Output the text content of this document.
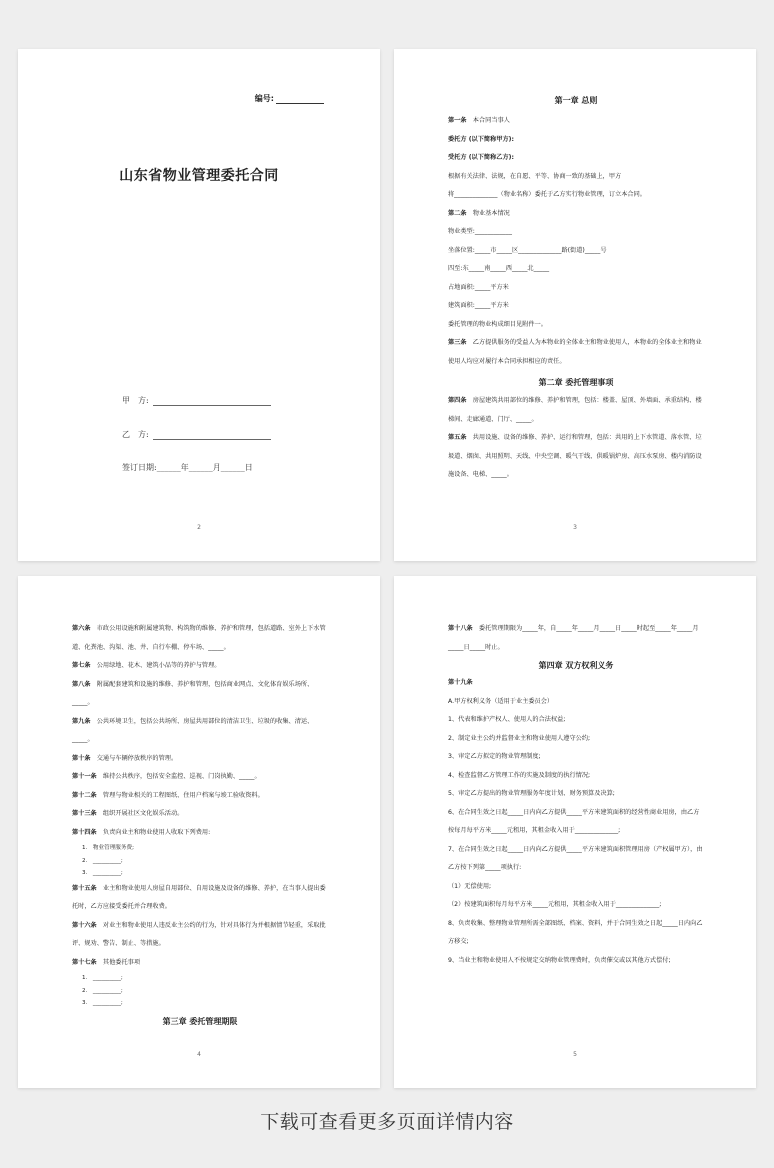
编号:
山东省物业管理委托合同
甲　方:
乙　方:
签订日期:______年______月______日
2
第一章 总则
第一条　本合同当事人
委托方 (以下简称甲方):
受托方 (以下简称乙方):
根据有关法律、法规，在自愿、平等、协商一致的基础上，甲方
将______________（物业名称）委托于乙方实行物业管理，订立本合同。
第二条　物业基本情况
物业类型:____________
坐落位置:_____市_____区______________路(街道)_____号
四至:东_____南_____西_____北_____
占地面积:_____平方米
建筑面积:_____平方米
委托管理的物业构成细目见附件一。
第三条　乙方提供服务的受益人为本物业的全体业主和物业使用人，本物业的全体业主和物业使用人均应对履行本合同承担相应的责任。
第二章 委托管理事项
第四条　房屋建筑共用部位的维修、养护和管理，包括：楼盖、屋顶、外墙面、承重结构、楼梯间、走廊通道、门厅、_____。
第五条　共用设施、设备的维修、养护、运行和管理，包括：共用的上下水管道、落水管、垃圾道、烟囱、共用照明、天线、中央空调、暖气干线、供暖锅炉房、高压水泵房、楼内消防设施设备、电梯、_____。
3
第六条　市政公用设施和附属建筑物、构筑物的维修、养护和管理，包括道路、室外上下水管道、化粪池、沟渠、池、井、自行车棚、停车场、_____。
第七条　公用绿地、花木、建筑小品等的养护与管理。
第八条　附属配套建筑和设施的维修、养护和管理，包括商业网点、文化体育娱乐场所、_____。
第九条　公共环境卫生，包括公共场所、房屋共用部位的清洁卫生、垃圾的收集、清运、_____。
第十条　交通与车辆停放秩序的管理。
第十一条　维持公共秩序，包括安全监控、巡视、门岗执勤、_____。
第十二条　管理与物业相关的工程图纸、住用户档案与竣工验收资料。
第十三条　组织开展社区文化娱乐活动。
第十四条　负责向业主和物业使用人收取下列费用:
1.　物业管理服务费;
2.　__________;
3.　__________;
第十五条　业主和物业使用人房屋自用部位、自用设施及设备的维修、养护，在当事人提出委托时，乙方应接受委托并合理收费。
第十六条　对业主和物业使用人违反业主公约的行为，针对具体行为并根据情节轻重，采取批评、规劝、警告、制止、等措施。
第十七条　其他委托事项
1.　__________;
2.　__________;
3.　__________;
第三章 委托管理期限
4
第十八条　委托管理期限为_____年，自_____年_____月_____日_____时起至_____年_____月_____日_____时止。
第四章 双方权利义务
第十九条
A.甲方权利义务（适用于业主委员会）
1、代表和维护产权人、使用人的合法权益;
2、制定业主公约并监督业主和物业使用人遵守公约;
3、审定乙方拟定的物业管理制度;
4、检查监督乙方管理工作的实施及制度的执行情况;
5、审定乙方提出的物业管理服务年度计划、财务预算及决算;
6、在合同生效之日起_____日内向乙方提供_____平方米建筑面积的经营性商业用房，由乙方按每月每平方米_____元租用，其租金收入用于______________;
7、在合同生效之日起_____日内向乙方提供_____平方米建筑面积管理用房（产权属甲方），由乙方按下列第_____项执行:
（1）无偿使用;
（2）按建筑面积每月每平方米_____元租用，其租金收入用于______________;
8、负责收集、整理物业管理所需全部图纸、档案、资料，并于合同生效之日起_____日内向乙方移交;
9、当业主和物业使用人不按规定交纳物业管理费时，负责催交或以其他方式偿付;
5
下载可查看更多页面详情内容
